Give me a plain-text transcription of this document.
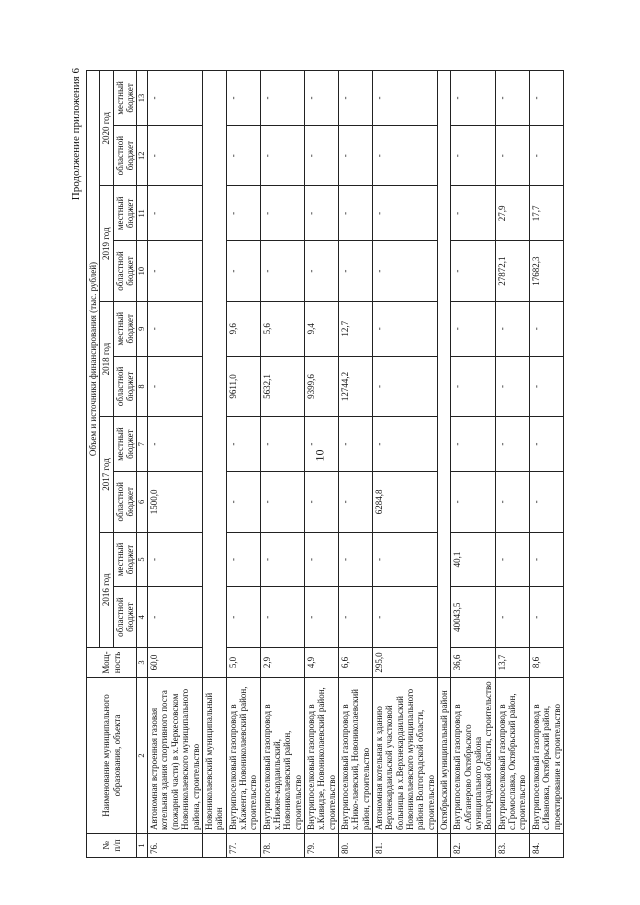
10
Продолжение приложения 6
№ п/п	Наименование муниципального образования, объекта	Мощ-ность	Объем и источники финансирования (тыс. рублей)									
			2016 год		2017 год		2018 год		2019 год		2020 год	
			областной бюджет	местный бюджет	областной бюджет	местный бюджет	областной бюджет	местный бюджет	областной бюджет	местный бюджет	областной бюджет	местный бюджет
1	2	3	4	5	6	7	8	9	10	11	12	13
76.	Автономная встроенная газовая котельная здания спортивного поста (пожарной части) в х.Черкесовском Новониколаевского муниципального района, строительство	60,0	-	-	1500,0	-	-	-	-	-	-	-
	Новониколаевский муниципальный район											
77.	Внутрипоселковый газопровод в х.Кажента, Новониколаевский район, строительство	5,0	-	-	-	-	9611,0	9,6	-	-	-	-
78.	Внутрипоселковый газопровод в х.Нижне-кардаильский, Новониколаевский район, строительство	2,9	-	-	-	-	5632,1	5,6	-	-	-	-
79.	Внутрипоселковый газопровод в х.Кивидзе, Новониколаевский район, строительство	4,9	-	-	-	-	9399,6	9,4	-	-	-	-
80.	Внутрипоселковый газопровод в х.Нико-лаевский, Новониколаевский район, строительство	6,6	-	-	-	-	12744,2	12,7	-	-	-	-
81.	Автономная котельная к зданию Верхнекардаильской участковой больницы в х.Верхнекардаильский Новониколаевского муниципального района Волгоградской области, строительство	295,0	-	-	6284,8	-	-	-	-	-	-	-
	Октябрьский муниципальный район											
82.	Внутрипоселковый газопровод в с.Абганерово Октябрьского муниципального района Волгоградской области, строительство	36,6	40043,5	40,1	-	-	-	-	-	-	-	-
83.	Внутрипоселковый газопровод в с.Громославка, Октябрьский район, строительство	13,7	-	-	-	-	-	-	27872,1	27,9	-	-
84.	Внутрипоселковый газопровод в с.Ивановка, Октябрьский район, проектирование и строительство	8,6	-	-	-	-	-	-	17682,3	17,7	-	-
